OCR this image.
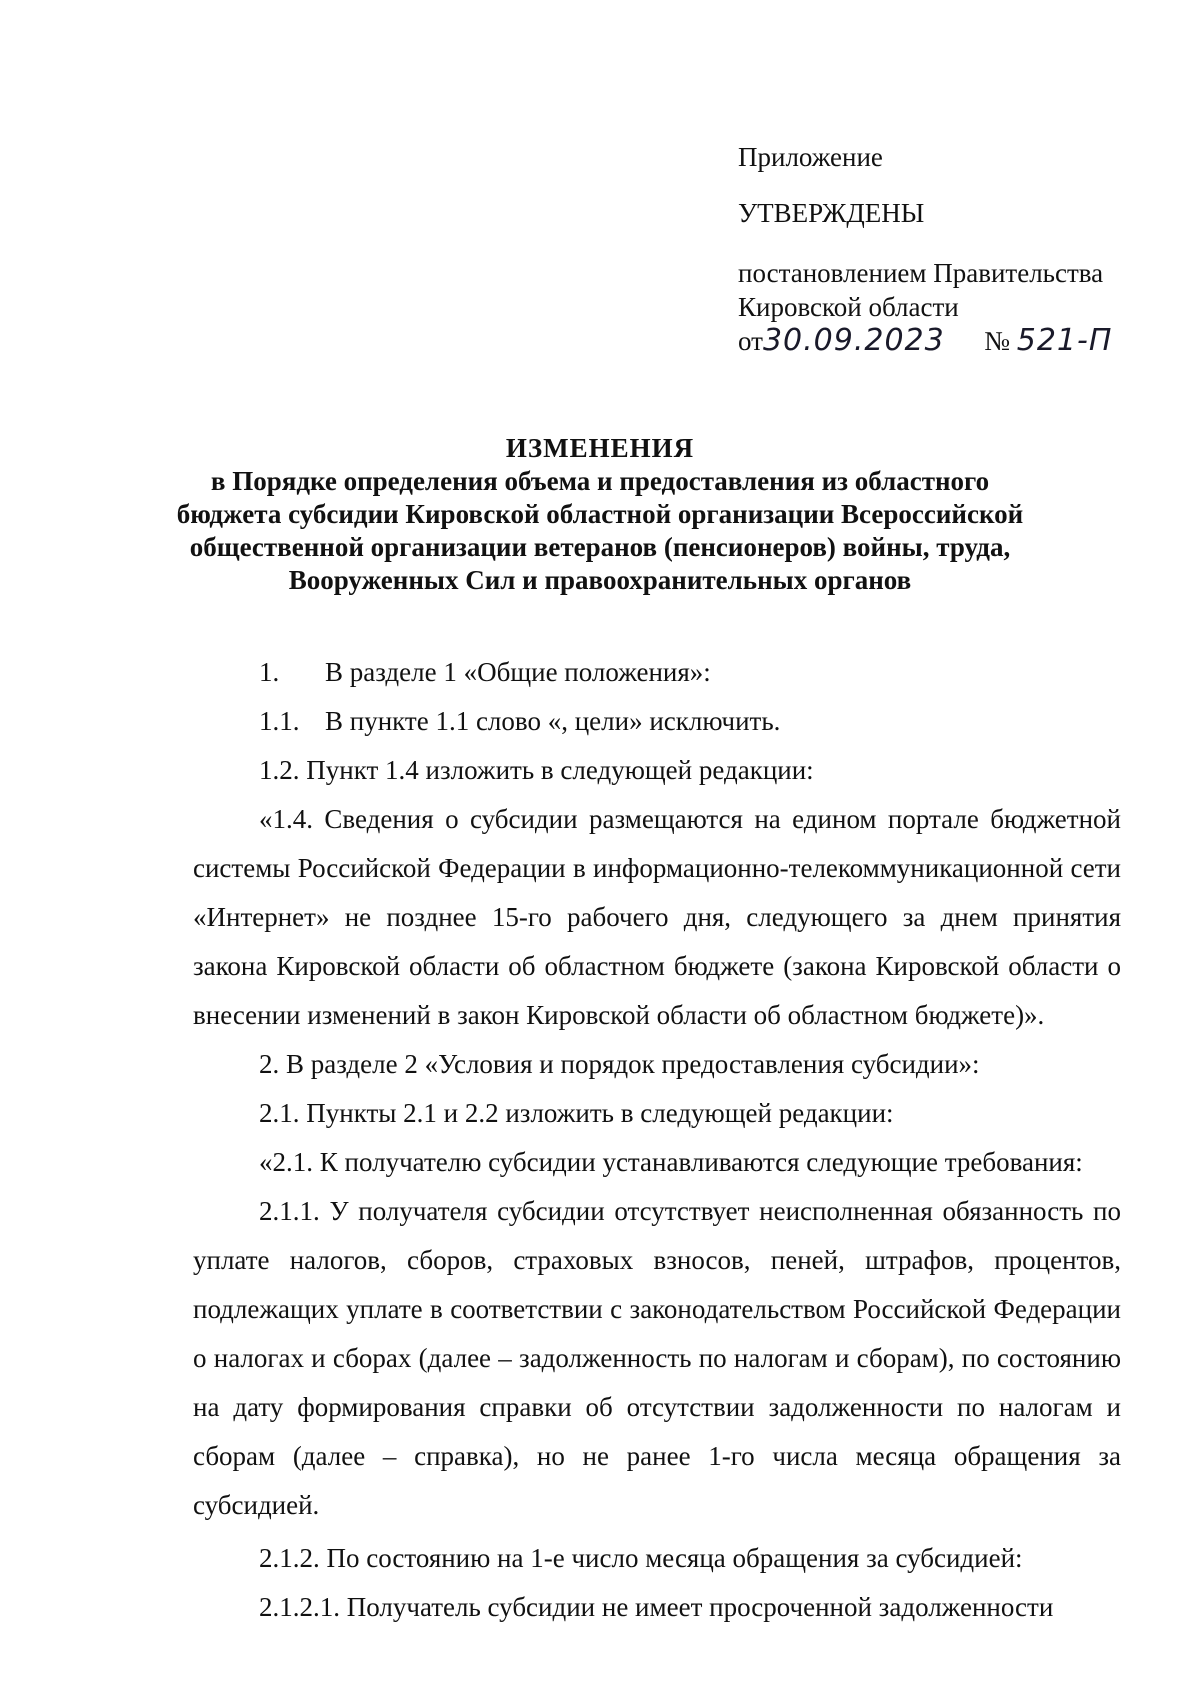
Приложение
УТВЕРЖДЕНЫ
постановлением Правительства
Кировской области
от30.09.2023 № 521-П
ИЗМЕНЕНИЯ
в Порядке определения объема и предоставления из областного
бюджета субсидии Кировской областной организации Всероссийской
общественной организации ветеранов (пенсионеров) войны, труда,
Вооруженных Сил и правоохранительных органов

1. В разделе 1 «Общие положения»:

1.1. В пункте 1.1 слово «, цели» исключить.

1.2. Пункт 1.4 изложить в следующей редакции:

«1.4. Сведения о субсидии размещаются на едином портале бюджетной системы Российской Федерации в информационно-телекоммуникационной сети «Интернет» не позднее 15-го рабочего дня, следующего за днем принятия закона Кировской области об областном бюджете (закона Кировской области о внесении изменений в закон Кировской области об областном бюджете)».

2. В разделе 2 «Условия и порядок предоставления субсидии»:

2.1. Пункты 2.1 и 2.2 изложить в следующей редакции:

«2.1. К получателю субсидии устанавливаются следующие требования:

2.1.1. У получателя субсидии отсутствует неисполненная обязанность по уплате налогов, сборов, страховых взносов, пеней, штрафов, процентов, подлежащих уплате в соответствии с законодательством Российской Федерации о налогах и сборах (далее – задолженность по налогам и сборам), по состоянию на дату формирования справки об отсутствии задолженности по налогам и сборам (далее – справка), но не ранее 1-го числа месяца обращения за субсидией.

2.1.2. По состоянию на 1-е число месяца обращения за субсидией:

2.1.2.1. Получатель субсидии не имеет просроченной задолженности
